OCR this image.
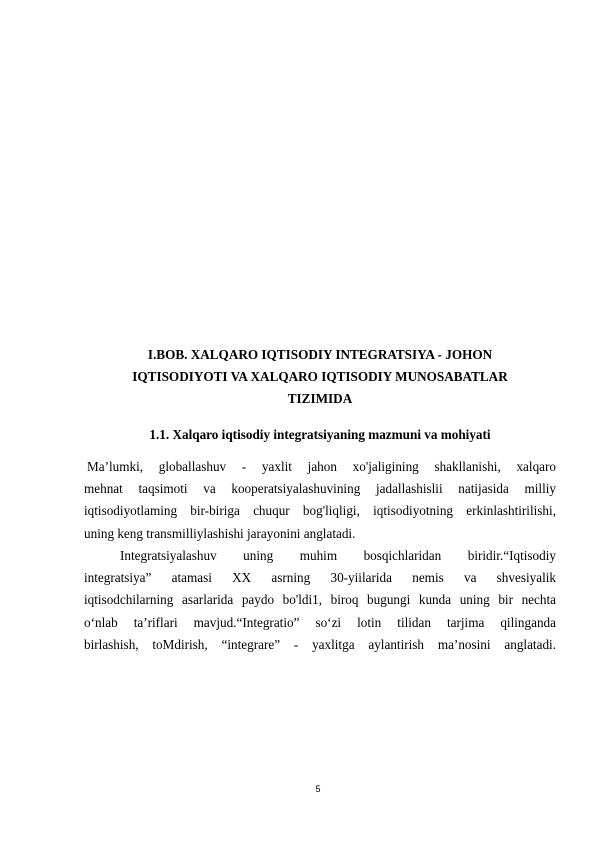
I.BOB. XALQARO IQTISODIY INTEGRATSIYA - JOHON
IQTISODIYOTI VA XALQARO IQTISODIY MUNOSABATLAR
TIZIMIDA
1.1. Xalqaro iqtisodiy integratsiyaning mazmuni va mohiyati

Ma’lumki, globallashuv - yaxlit jahon xo'jaligining shakllanishi, xalqaro
mehnat taqsimoti va kooperatsiyalashuvining jadallashislii natijasida milliy
iqtisodiyotlaming bir-biriga chuqur bog'liqligi, iqtisodiyotning erkinlashtirilishi,
uning keng transmilliylashishi jarayonini anglatadi.

Integratsiyalashuv uning muhim bosqichlaridan biridir.“Iqtisodiy
integratsiya” atamasi XX asrning 30-yiilarida nemis va shvesiyalik
iqtisodchilarning asarlarida paydo bo'ldi1, biroq bugungi kunda uning bir nechta
o‘nlab ta’riflari mavjud.“Integratio” so‘zi lotin tilidan tarjima qilinganda
birlashish, toMdirish, “integrare” - yaxlitga aylantirish ma’nosini anglatadi.

5
